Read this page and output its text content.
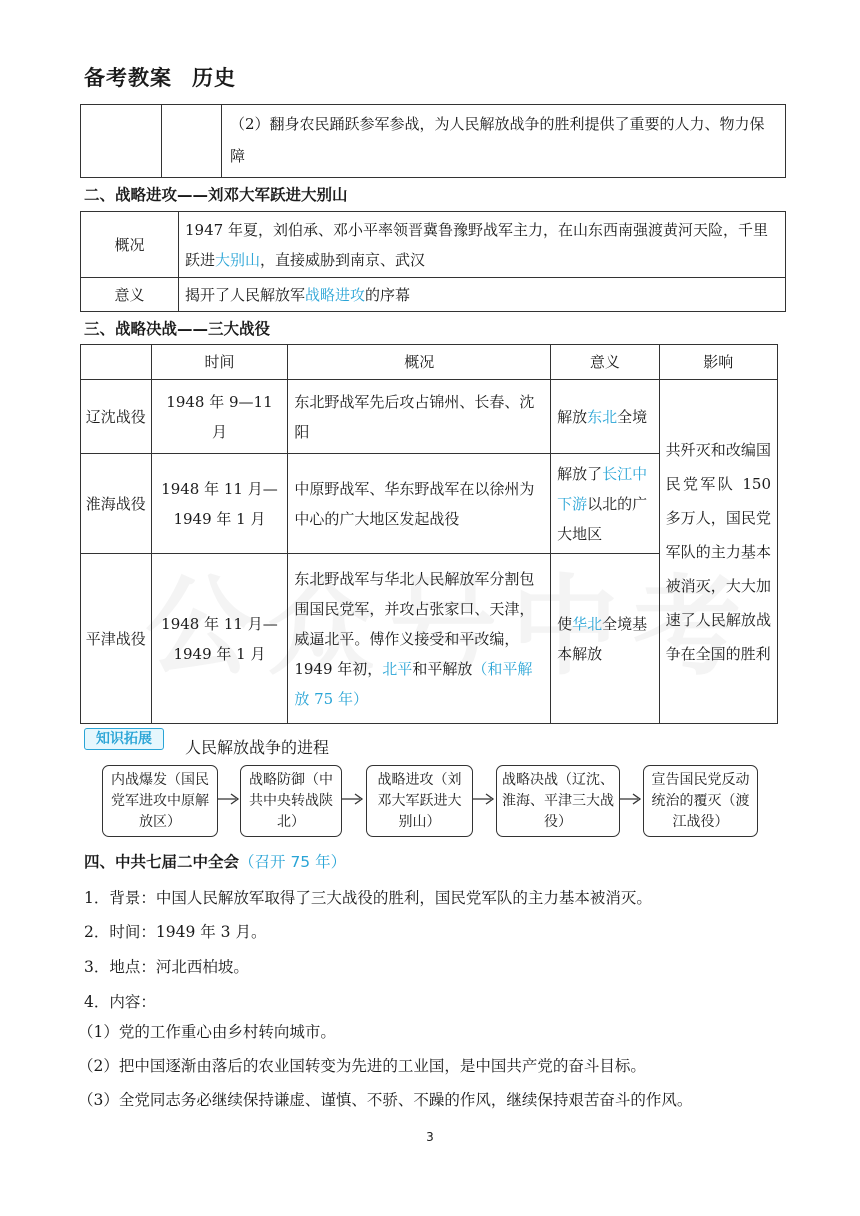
备考教案 历史
		（2）翻身农民踊跃参军参战，为人民解放战争的胜利提供了重要的人力、物力保障
二、战略进攻——刘邓大军跃进大别山
概况	1947 年夏，刘伯承、邓小平率领晋冀鲁豫野战军主力，在山东西南强渡黄河天险，千里跃进大别山，直接威胁到南京、武汉
意义	揭开了人民解放军战略进攻的序幕
三、战略决战——三大战役
	时间	概况	意义	影响
辽沈战役	1948 年 9—11 月	东北野战军先后攻占锦州、长春、沈阳	解放东北全境	共歼灭和改编国民党军队 150 多万人，国民党军队的主力基本被消灭，大大加速了人民解放战争在全国的胜利
淮海战役	1948 年 11 月—1949 年 1 月	中原野战军、华东野战军在以徐州为中心的广大地区发起战役	解放了长江中下游以北的广大地区	
平津战役	1948 年 11 月—1949 年 1 月	东北野战军与华北人民解放军分割包围国民党军，并攻占张家口、天津，威逼北平。傅作义接受和平改编，1949 年初，北平和平解放（和平解放 75 年）	使华北全境基本解放	
知识拓展	人民解放战争的进程
内战爆发（国民党军进攻中原解放区）
战略防御（中共中央转战陕北）
战略进攻（刘邓大军跃进大别山）
战略决战（辽沈、淮海、平津三大战役）
宣告国民党反动统治的覆灭（渡江战役）
四、中共七届二中全会（召开 75 年）
1．背景：中国人民解放军取得了三大战役的胜利，国民党军队的主力基本被消灭。
2．时间：1949 年 3 月。
3．地点：河北西柏坡。
4．内容：
（1）党的工作重心由乡村转向城市。
（2）把中国逐渐由落后的农业国转变为先进的工业国，是中国共产党的奋斗目标。
（3）全党同志务必继续保持谦虚、谨慎、不骄、不躁的作风，继续保持艰苦奋斗的作风。
3
